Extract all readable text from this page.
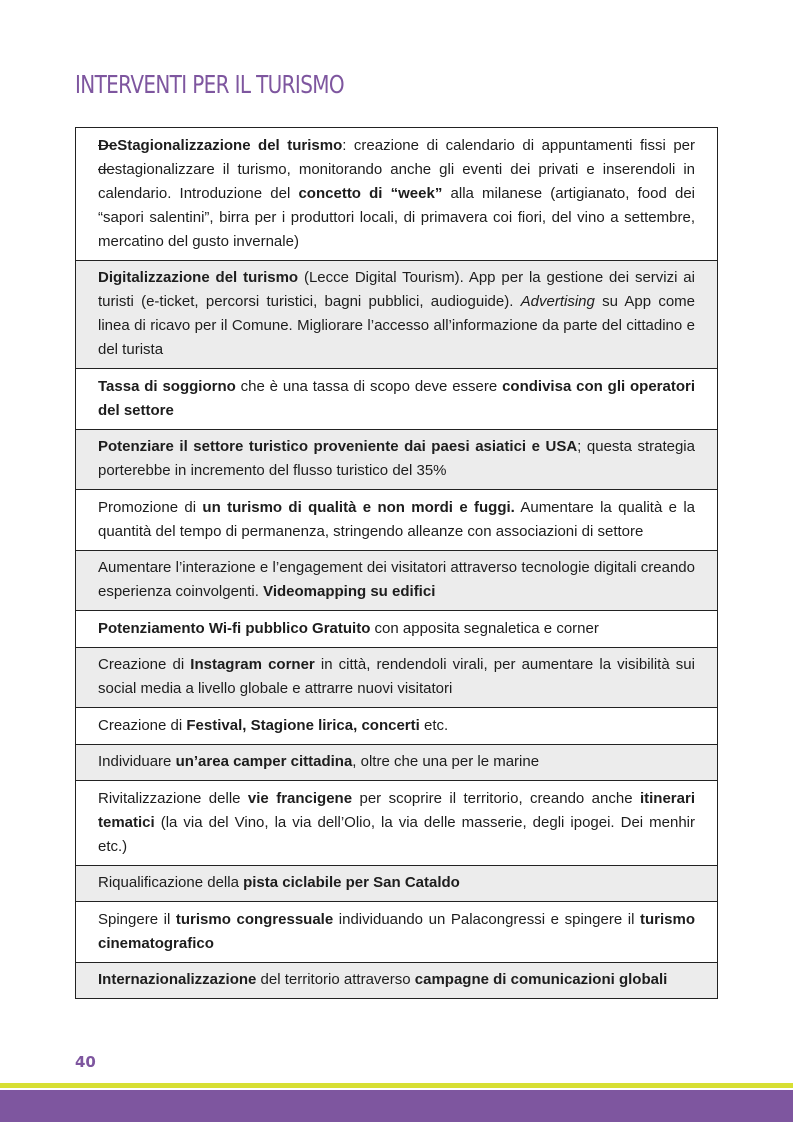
INTERVENTI PER IL TURISMO
DeStagionalizzazione del turismo: creazione di calendario di appuntamenti fissi per destagionalizzare il turismo, monitorando anche gli eventi dei privati e inserendoli in calendario. Introduzione del concetto di “week” alla milanese (artigianato, food dei “sapori salentini”, birra per i produttori locali, di primavera coi fiori, del vino a settembre, mercatino del gusto invernale)
Digitalizzazione del turismo (Lecce Digital Tourism). App per la gestione dei servizi ai turisti (e-ticket, percorsi turistici, bagni pubblici, audioguide). Advertising su App come linea di ricavo per il Comune. Migliorare l’accesso all’informazione da parte del cittadino e del turista
Tassa di soggiorno che è una tassa di scopo deve essere condivisa con gli operatori del settore
Potenziare il settore turistico proveniente dai paesi asiatici e USA; questa strategia porterebbe in incremento del flusso turistico del 35%
Promozione di un turismo di qualità e non mordi e fuggi. Aumentare la qualità e la quantità del tempo di permanenza, stringendo alleanze con associazioni di settore
Aumentare l’interazione e l’engagement dei visitatori attraverso tecnologie digitali creando esperienza coinvolgenti. Videomapping su edifici
Potenziamento Wi-fi pubblico Gratuito con apposita segnaletica e corner
Creazione di Instagram corner in città, rendendoli virali, per aumentare la visibilità sui social media a livello globale e attrarre nuovi visitatori
Creazione di Festival, Stagione lirica, concerti etc.
Individuare un’area camper cittadina, oltre che una per le marine
Rivitalizzazione delle vie francigene per scoprire il territorio, creando anche itinerari tematici (la via del Vino, la via dell’Olio, la via delle masserie, degli ipogei. Dei menhir etc.)
Riqualificazione della pista ciclabile per San Cataldo
Spingere il turismo congressuale individuando un Palacongressi e spingere il turismo cinematografico
Internazionalizzazione del territorio attraverso campagne di comunicazioni globali
40
